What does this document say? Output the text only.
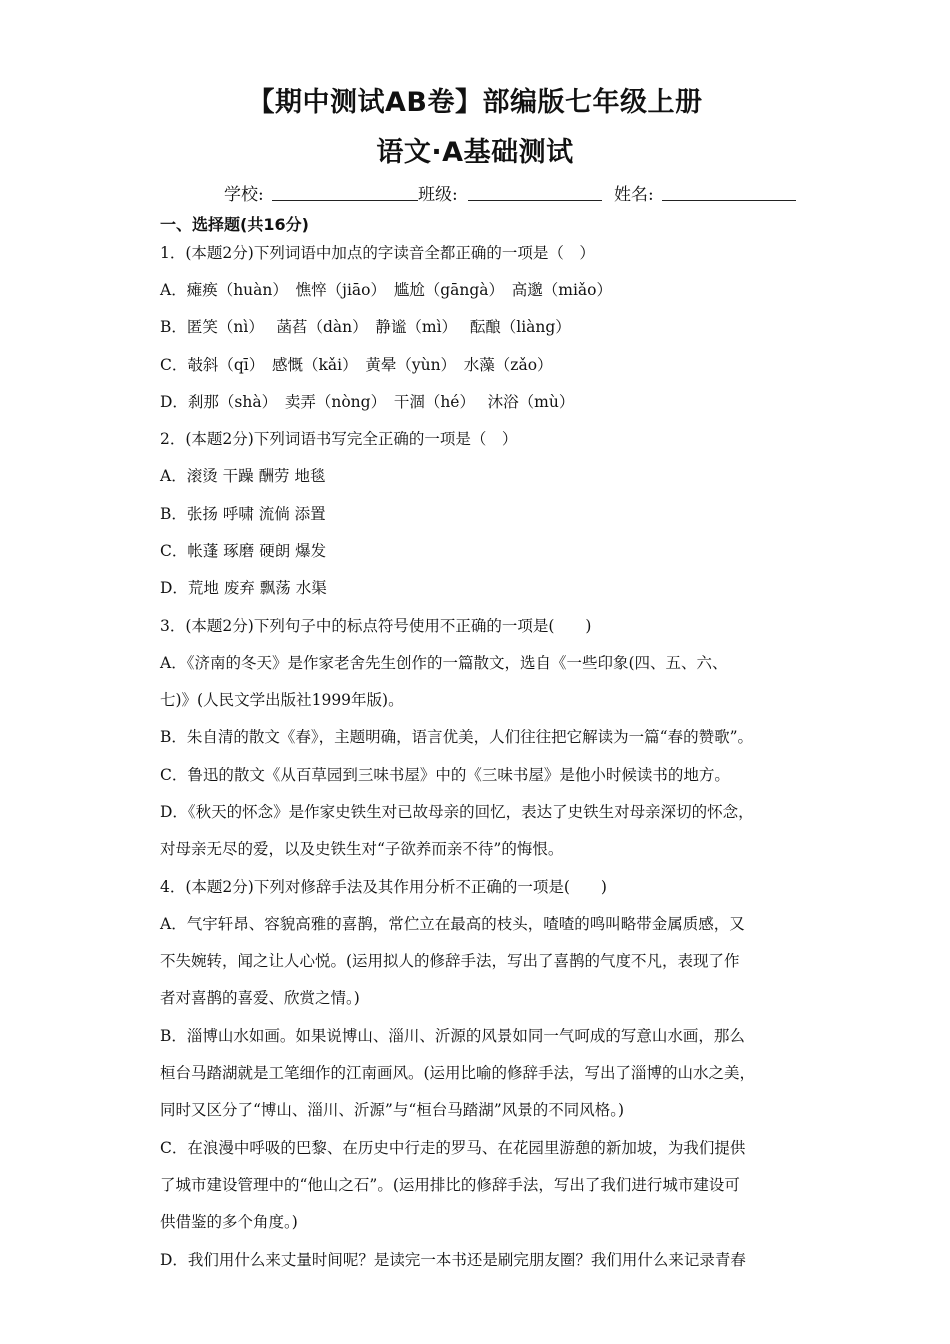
【期中测试AB卷】部编版七年级上册
语文·A基础测试
学校:	班级:	姓名:
一、选择题(共16分)
1．(本题2分)下列词语中加点的字读音全都正确的一项是（　）
A．瘫痪（huàn）　憔悴（jiāo）　尴尬（gāngà）　高邈（miǎo）
B．匿笑（nì）　 菡萏（dàn）　静谧（mì）　 酝酿（liàng）
C．攲斜（qī）　感慨（kǎi）　黄晕（yùn）　水藻（zǎo）
D．刹那（shà）　卖弄（nòng）　干涸（hé）　 沐浴（mù）
2．(本题2分)下列词语书写完全正确的一项是（　）
A．滚烫 干躁 酬劳 地毯
B．张扬 呼啸 流倘 添置
C．帐蓬 琢磨 硬朗 爆发
D．荒地 废弃 飘荡 水渠
3．(本题2分)下列句子中的标点符号使用不正确的一项是(　　)
A．《济南的冬天》是作家老舍先生创作的一篇散文，选自《一些印象(四、五、六、
七)》(人民文学出版社1999年版)。
B．朱自清的散文《春》，主题明确，语言优美，人们往往把它解读为一篇“春的赞歌”。
C．鲁迅的散文《从百草园到三味书屋》中的《三味书屋》是他小时候读书的地方。
D．《秋天的怀念》是作家史铁生对已故母亲的回忆，表达了史铁生对母亲深切的怀念，
对母亲无尽的爱，以及史铁生对“子欲养而亲不待”的悔恨。
4．(本题2分)下列对修辞手法及其作用分析不正确的一项是(　　)
A．气宇轩昂、容貌高雅的喜鹊，常伫立在最高的枝头，喳喳的鸣叫略带金属质感，又
不失婉转，闻之让人心悦。(运用拟人的修辞手法，写出了喜鹊的气度不凡，表现了作
者对喜鹊的喜爱、欣赏之情。)
B．淄博山水如画。如果说博山、淄川、沂源的风景如同一气呵成的写意山水画，那么
桓台马踏湖就是工笔细作的江南画风。(运用比喻的修辞手法，写出了淄博的山水之美，
同时又区分了“博山、淄川、沂源”与“桓台马踏湖”风景的不同风格。)
C．在浪漫中呼吸的巴黎、在历史中行走的罗马、在花园里游憩的新加坡，为我们提供
了城市建设管理中的“他山之石”。(运用排比的修辞手法，写出了我们进行城市建设可
供借鉴的多个角度。)
D．我们用什么来丈量时间呢？是读完一本书还是刷完朋友圈？我们用什么来记录青春
